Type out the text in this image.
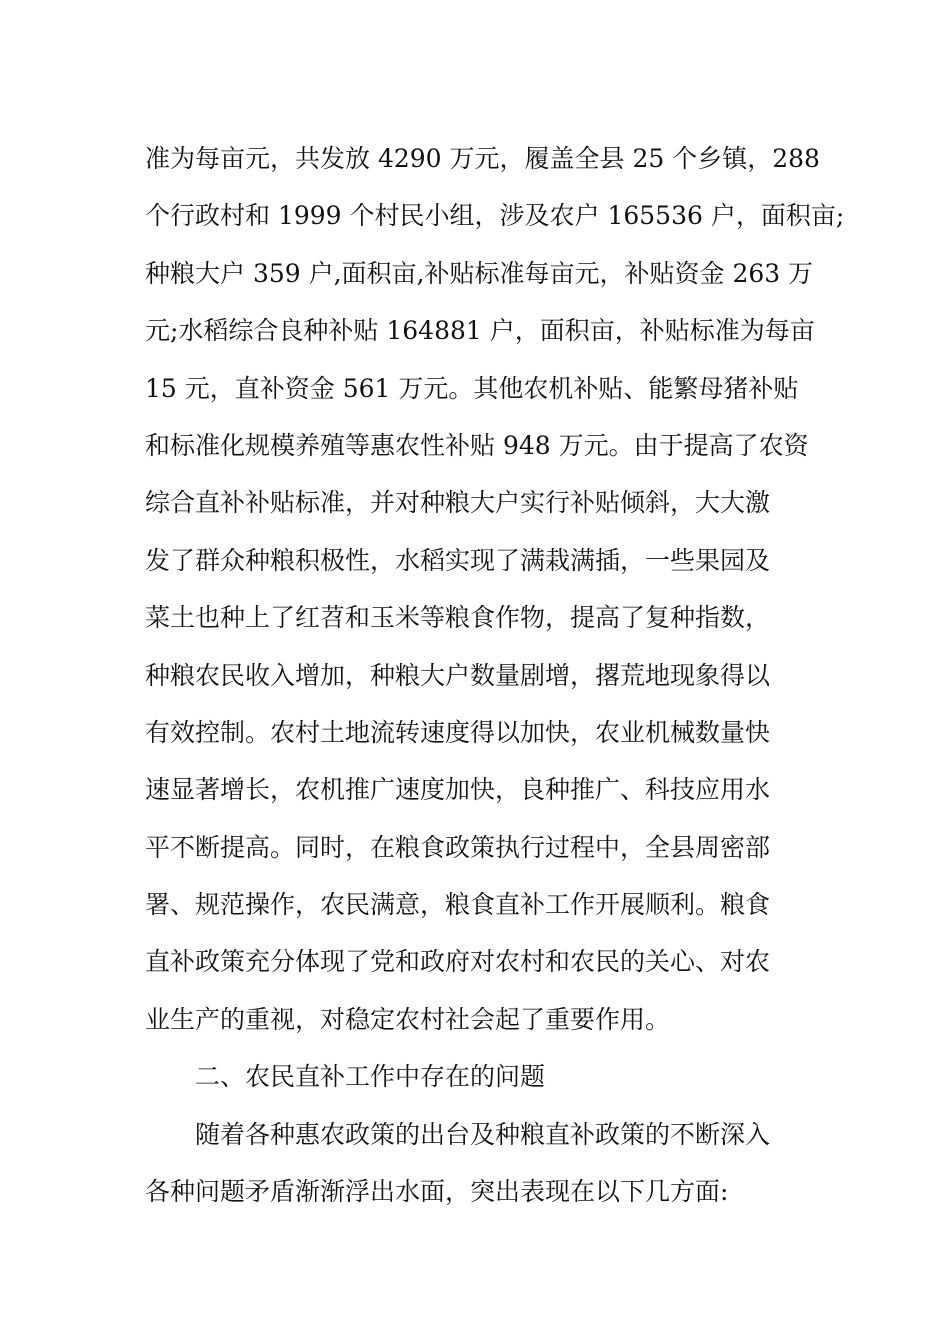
准为每亩元，共发放 4290 万元，履盖全县 25 个乡镇，288
个行政村和 1999 个村民小组，涉及农户 165536 户，面积亩;
种粮大户 359 户,面积亩,补贴标准每亩元，补贴资金 263 万
元;水稻综合良种补贴 164881 户，面积亩，补贴标准为每亩
15 元，直补资金 561 万元。其他农机补贴、能繁母猪补贴
和标准化规模养殖等惠农性补贴 948 万元。由于提高了农资
综合直补补贴标准，并对种粮大户实行补贴倾斜，大大激
发了群众种粮积极性，水稻实现了满栽满插，一些果园及
菜土也种上了红苕和玉米等粮食作物，提高了复种指数，
种粮农民收入增加，种粮大户数量剧增，撂荒地现象得以
有效控制。农村土地流转速度得以加快，农业机械数量快
速显著增长，农机推广速度加快，良种推广、科技应用水
平不断提高。同时，在粮食政策执行过程中，全县周密部
署、规范操作，农民满意，粮食直补工作开展顺利。粮食
直补政策充分体现了党和政府对农村和农民的关心、对农
业生产的重视，对稳定农村社会起了重要作用。
二、农民直补工作中存在的问题
随着各种惠农政策的出台及种粮直补政策的不断深入
各种问题矛盾渐渐浮出水面，突出表现在以下几方面:
